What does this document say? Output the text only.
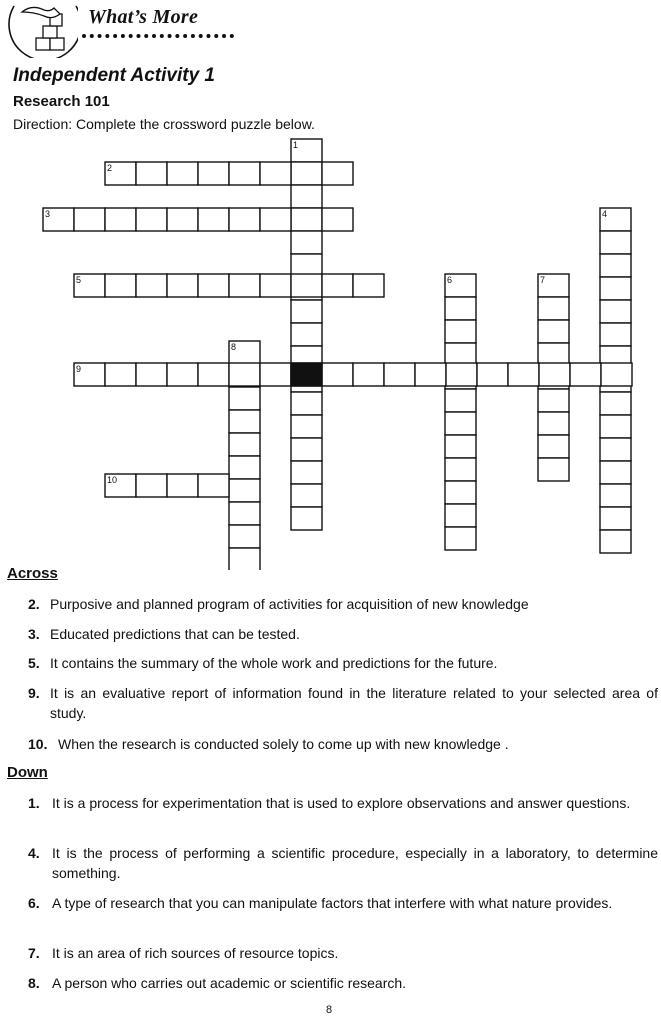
What’s More
Independent Activity 1
Research 101
Direction: Complete the crossword puzzle below.
1
2
3	4
5	6	7
8
9
10
Across
2. Purposive and planned program of activities for acquisition of new knowledge
3. Educated predictions that can be tested.
5. It contains the summary of the whole work and predictions for the future.
9. It is an evaluative report of information found in the literature related to your selected area of study.
10. When the research is conducted solely to come up with new knowledge .
Down
1. It is a process for experimentation that is used to explore observations and answer questions.
4. It is the process of performing a scientific procedure, especially in a laboratory, to determine something.
6. A type of research that you can manipulate factors that interfere with what nature provides.
7. It is an area of rich sources of resource topics.
8. A person who carries out academic or scientific research.
8
